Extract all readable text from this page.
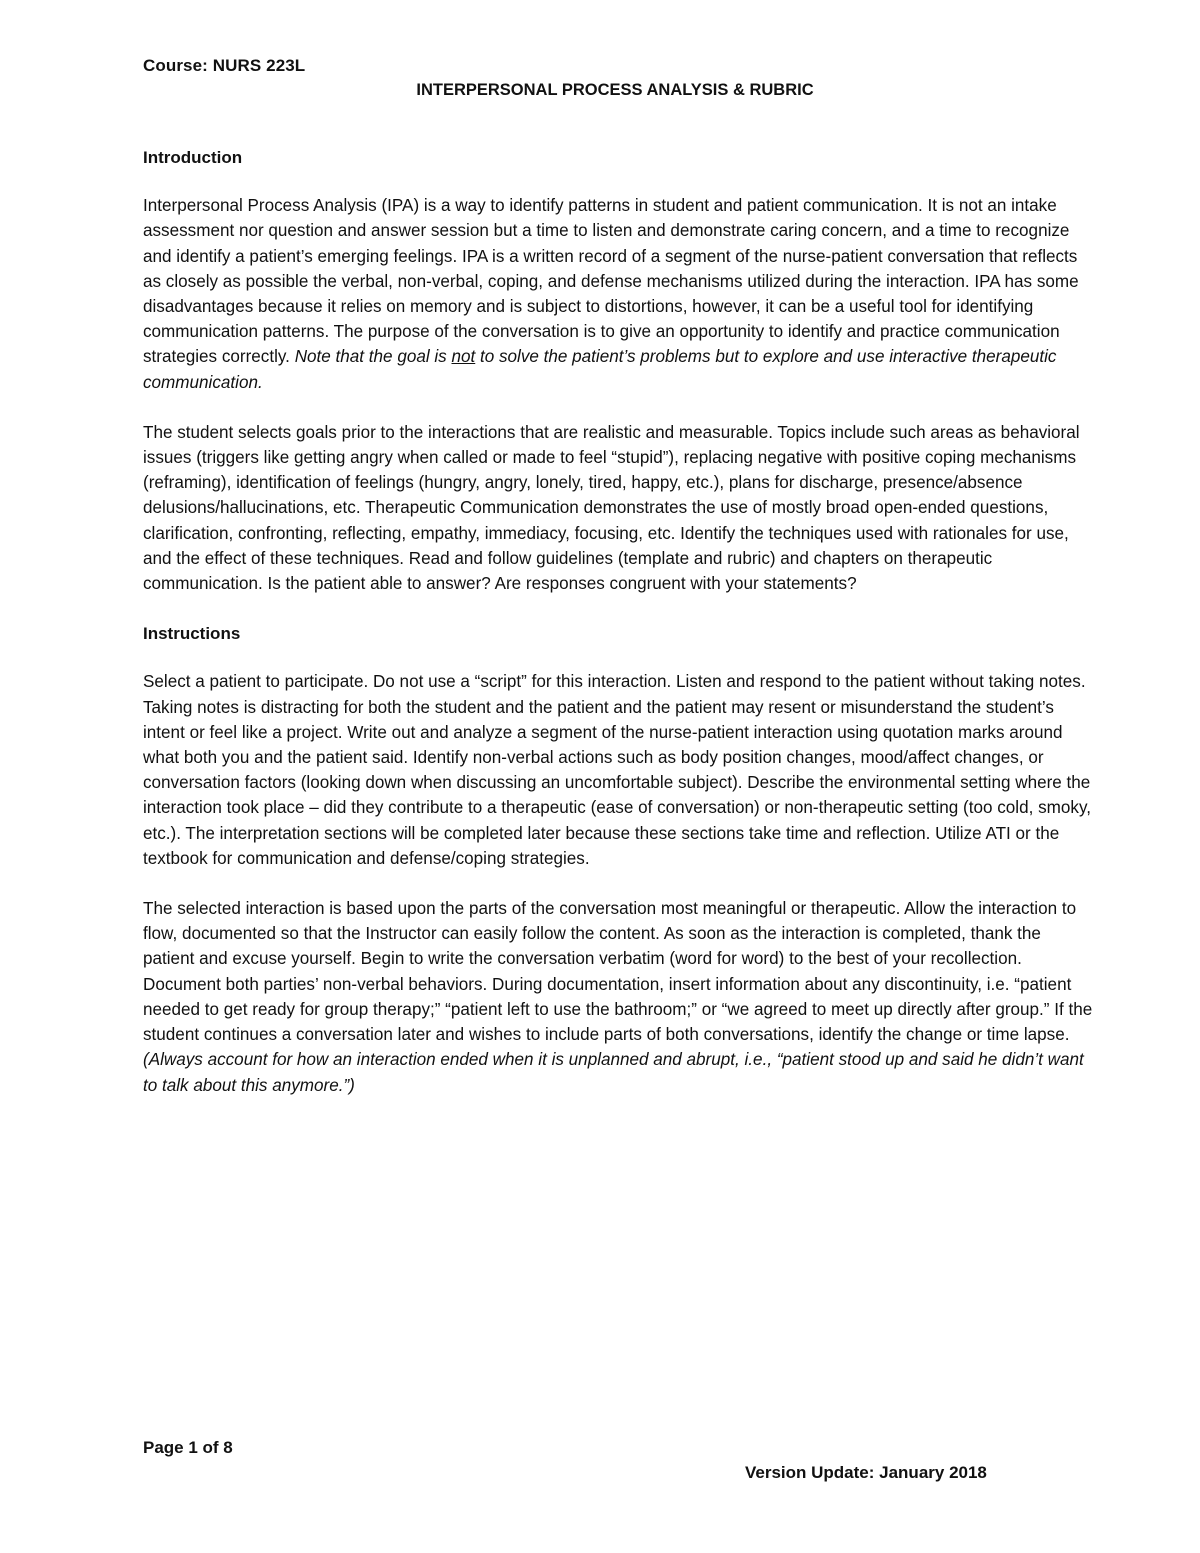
Course: NURS 223L
INTERPERSONAL PROCESS ANALYSIS & RUBRIC
Introduction

Interpersonal Process Analysis (IPA) is a way to identify patterns in student and patient communication. It is not an intake assessment nor question and answer session but a time to listen and demonstrate caring concern, and a time to recognize and identify a patient’s emerging feelings. IPA is a written record of a segment of the nurse-patient conversation that reflects as closely as possible the verbal, non-verbal, coping, and defense mechanisms utilized during the interaction. IPA has some disadvantages because it relies on memory and is subject to distortions, however, it can be a useful tool for identifying communication patterns. The purpose of the conversation is to give an opportunity to identify and practice communication strategies correctly. Note that the goal is not to solve the patient’s problems but to explore and use interactive therapeutic communication.

The student selects goals prior to the interactions that are realistic and measurable. Topics include such areas as behavioral issues (triggers like getting angry when called or made to feel “stupid”), replacing negative with positive coping mechanisms (reframing), identification of feelings (hungry, angry, lonely, tired, happy, etc.), plans for discharge, presence/absence delusions/hallucinations, etc. Therapeutic Communication demonstrates the use of mostly broad open-ended questions, clarification, confronting, reflecting, empathy, immediacy, focusing, etc. Identify the techniques used with rationales for use, and the effect of these techniques. Read and follow guidelines (template and rubric) and chapters on therapeutic communication. Is the patient able to answer? Are responses congruent with your statements?

Instructions

Select a patient to participate. Do not use a “script” for this interaction. Listen and respond to the patient without taking notes. Taking notes is distracting for both the student and the patient and the patient may resent or misunderstand the student’s intent or feel like a project. Write out and analyze a segment of the nurse-patient interaction using quotation marks around what both you and the patient said. Identify non-verbal actions such as body position changes, mood/affect changes, or conversation factors (looking down when discussing an uncomfortable subject). Describe the environmental setting where the interaction took place – did they contribute to a therapeutic (ease of conversation) or non-therapeutic setting (too cold, smoky, etc.). The interpretation sections will be completed later because these sections take time and reflection. Utilize ATI or the textbook for communication and defense/coping strategies.

The selected interaction is based upon the parts of the conversation most meaningful or therapeutic. Allow the interaction to flow, documented so that the Instructor can easily follow the content. As soon as the interaction is completed, thank the patient and excuse yourself. Begin to write the conversation verbatim (word for word) to the best of your recollection. Document both parties’ non-verbal behaviors. During documentation, insert information about any discontinuity, i.e. “patient needed to get ready for group therapy;” “patient left to use the bathroom;” or “we agreed to meet up directly after group.” If the student continues a conversation later and wishes to include parts of both conversations, identify the change or time lapse. (Always account for how an interaction ended when it is unplanned and abrupt, i.e., “patient stood up and said he didn’t want to talk about this anymore.”)

Page 1 of 8
Version Update: January 2018
